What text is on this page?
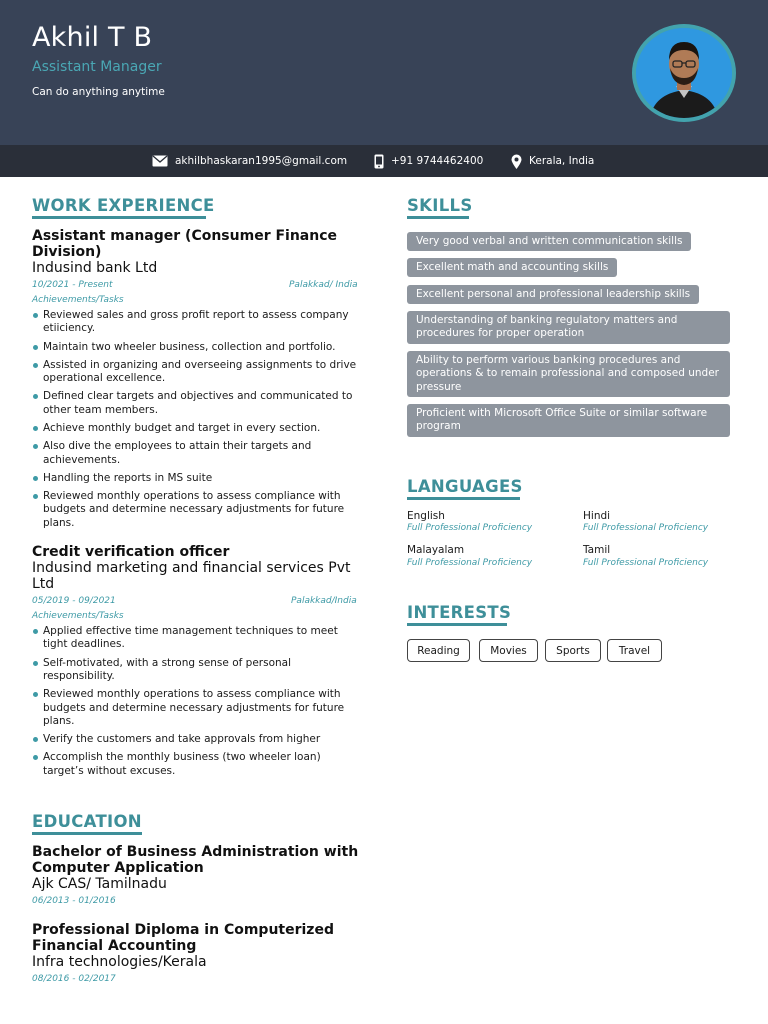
Akhil T B
Assistant Manager
Can do anything anytime
akhilbhaskaran1995@gmail.com	+91 9744462400	Kerala, India
WORK EXPERIENCE
Assistant manager (Consumer Finance Division)
Indusind bank Ltd
10/2021 - Present	Palakkad/ India
Achievements/Tasks
Reviewed sales and gross profit report to assess company etiiciency.
Maintain two wheeler business, collection and portfolio.
Assisted in organizing and overseeing assignments to drive operational excellence.
Defined clear targets and objectives and communicated to other team members.
Achieve monthly budget and target in every section.
Also dive the employees to attain their targets and achievements.
Handling the reports in MS suite
Reviewed monthly operations to assess compliance with budgets and determine necessary adjustments for future plans.
Credit verification officer
Indusind marketing and financial services Pvt Ltd
05/2019 - 09/2021	Palakkad/India
Achievements/Tasks
Applied effective time management techniques to meet tight deadlines.
Self-motivated, with a strong sense of personal responsibility.
Reviewed monthly operations to assess compliance with budgets and determine necessary adjustments for future plans.
Verify the customers and take approvals from higher
Accomplish the monthly business (two wheeler loan) target’s without excuses.
EDUCATION
Bachelor of Business Administration with Computer Application
Ajk CAS/ Tamilnadu
06/2013 - 01/2016
Professional Diploma in Computerized Financial Accounting
Infra technologies/Kerala
08/2016 - 02/2017
SKILLS
Very good verbal and written communication skills
Excellent math and accounting skills
Excellent personal and professional leadership skills
Understanding of banking regulatory matters and procedures for proper operation
Ability to perform various banking procedures and operations & to remain professional and composed under pressure
Proficient with Microsoft Office Suite or similar software program
LANGUAGES
English
Full Professional Proficiency
Hindi
Full Professional Proficiency
Malayalam
Full Professional Proficiency
Tamil
Full Professional Proficiency
INTERESTS
Reading	Movies	Sports	Travel
